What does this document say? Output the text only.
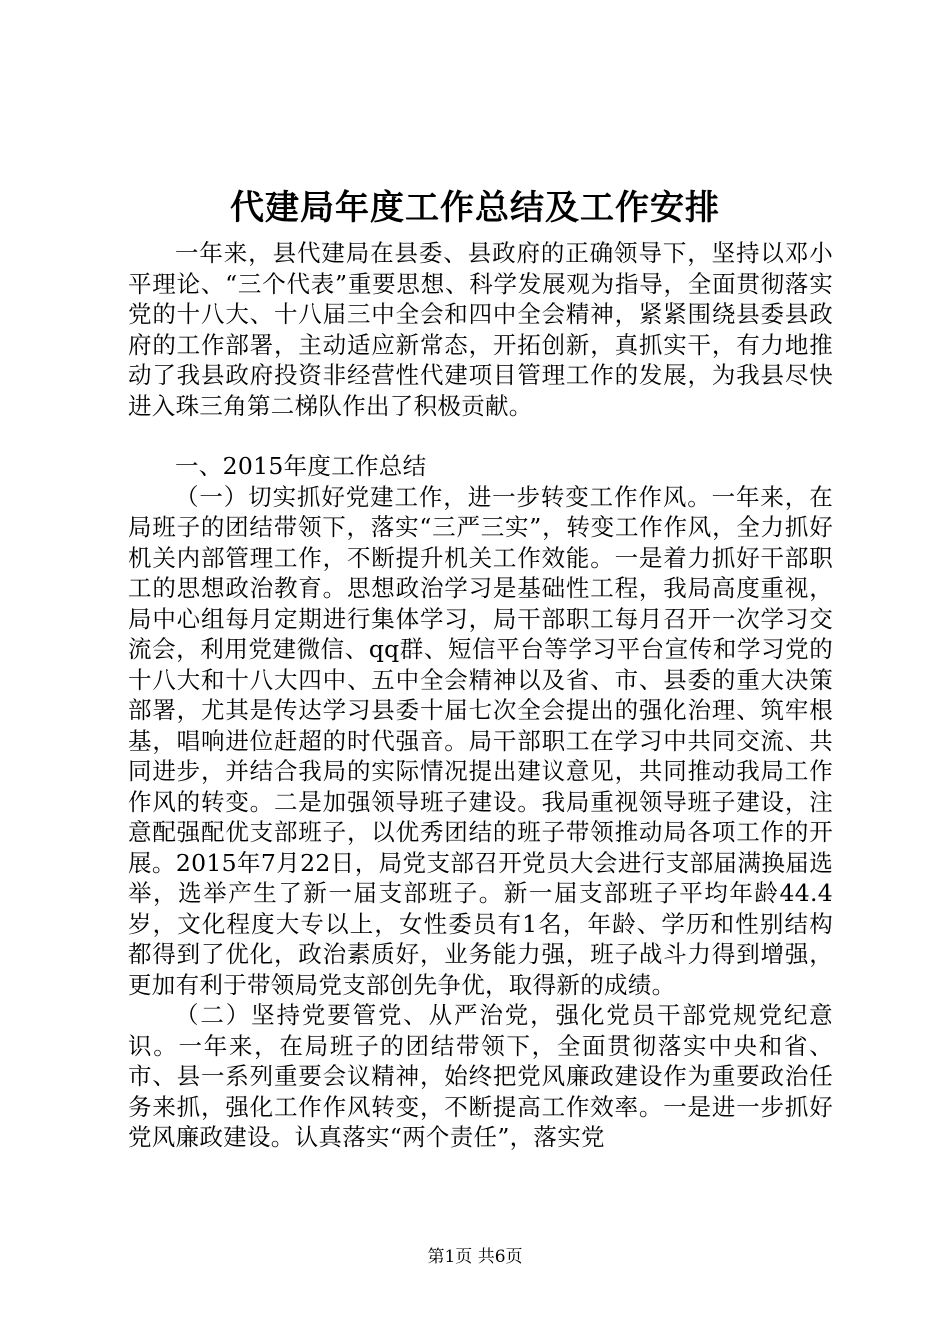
代建局年度工作总结及工作安排

一年来，县代建局在县委、县政府的正确领导下，坚持以邓小平理论、“三个代表”重要思想、科学发展观为指导，全面贯彻落实党的十八大、十八届三中全会和四中全会精神，紧紧围绕县委县政府的工作部署，主动适应新常态，开拓创新，真抓实干，有力地推动了我县政府投资非经营性代建项目管理工作的发展，为我县尽快进入珠三角第二梯队作出了积极贡献。

一、2015年度工作总结

（一）切实抓好党建工作，进一步转变工作作风。一年来，在局班子的团结带领下，落实“三严三实”，转变工作作风，全力抓好机关内部管理工作，不断提升机关工作效能。一是着力抓好干部职工的思想政治教育。思想政治学习是基础性工程，我局高度重视，局中心组每月定期进行集体学习，局干部职工每月召开一次学习交流会，利用党建微信、qq群、短信平台等学习平台宣传和学习党的十八大和十八大四中、五中全会精神以及省、市、县委的重大决策部署，尤其是传达学习县委十届七次全会提出的强化治理、筑牢根基，唱响进位赶超的时代强音。局干部职工在学习中共同交流、共同进步，并结合我局的实际情况提出建议意见，共同推动我局工作作风的转变。二是加强领导班子建设。我局重视领导班子建设，注意配强配优支部班子，以优秀团结的班子带领推动局各项工作的开展。2015年7月22日，局党支部召开党员大会进行支部届满换届选举，选举产生了新一届支部班子。新一届支部班子平均年龄44.4岁，文化程度大专以上，女性委员有1名，年龄、学历和性别结构都得到了优化，政治素质好，业务能力强，班子战斗力得到增强，更加有利于带领局党支部创先争优，取得新的成绩。

（二）坚持党要管党、从严治党，强化党员干部党规党纪意识。一年来，在局班子的团结带领下，全面贯彻落实中央和省、市、县一系列重要会议精神，始终把党风廉政建设作为重要政治任务来抓，强化工作作风转变，不断提高工作效率。一是进一步抓好党风廉政建设。认真落实“两个责任”，落实党

第1页 共6页
